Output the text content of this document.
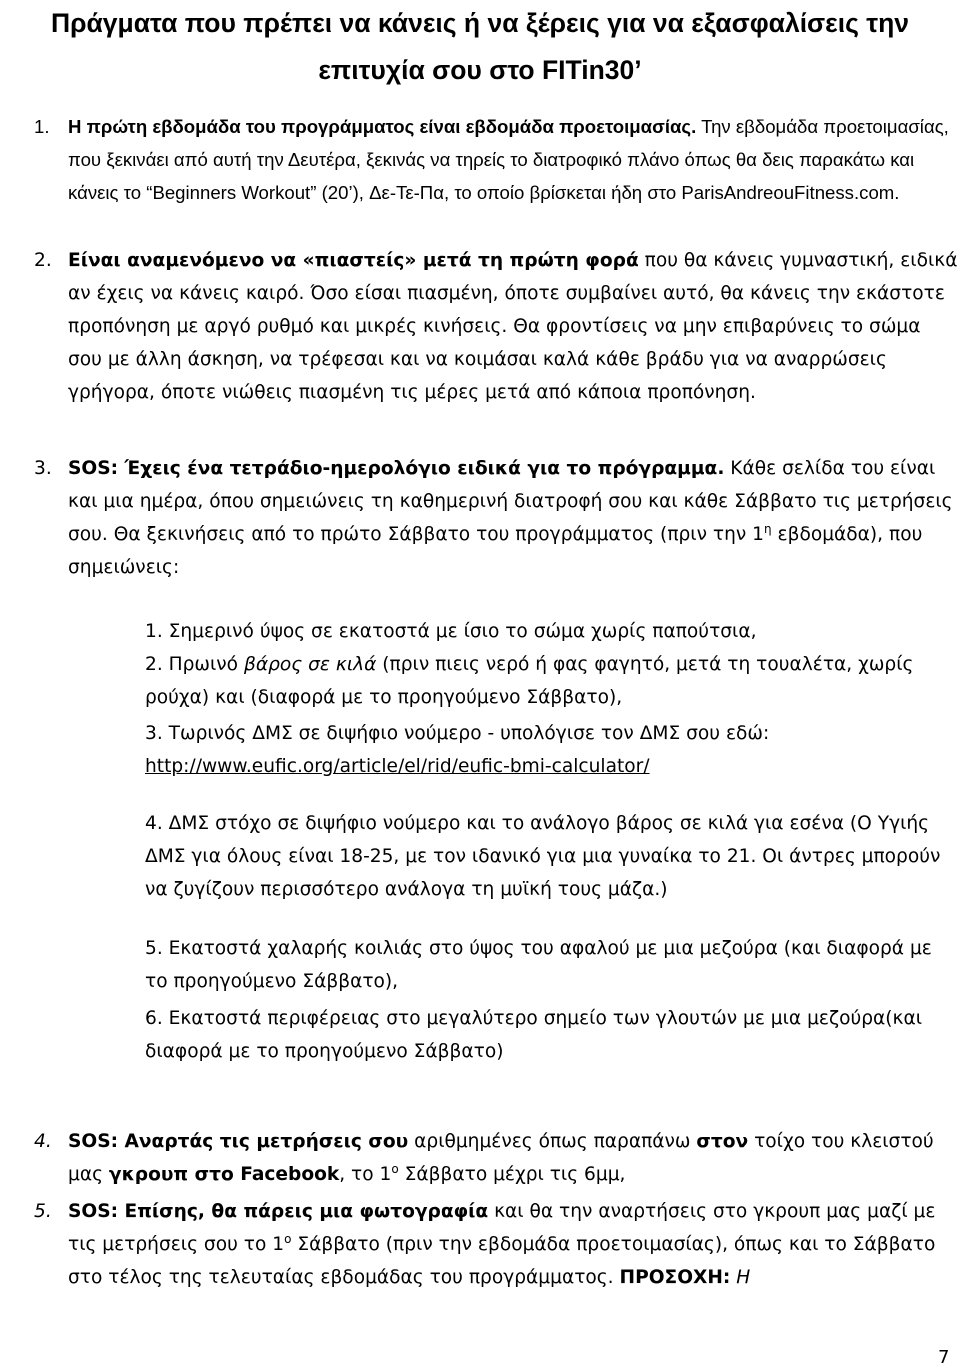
Πράγματα που πρέπει να κάνεις ή να ξέρεις για να εξασφαλίσεις την
επιτυχία σου στο FITin30’
1. Η πρώτη εβδομάδα του προγράμματος είναι εβδομάδα προετοιμασίας. Την εβδομάδα προετοιμασίας, που ξεκινάει από αυτή την Δευτέρα, ξεκινάς να τηρείς το διατροφικό πλάνο όπως θα δεις παρακάτω και κάνεις το “Beginners Workout” (20’), Δε-Τε-Πα, το οποίο βρίσκεται ήδη στο ParisAndreouFitness.com.

2. Είναι αναμενόμενο να «πιαστείς» μετά τη πρώτη φορά που θα κάνεις γυμναστική, ειδικά αν έχεις να κάνεις καιρό. Όσο είσαι πιασμένη, όποτε συμβαίνει αυτό, θα κάνεις την εκάστοτε προπόνηση με αργό ρυθμό και μικρές κινήσεις. Θα φροντίσεις να μην επιβαρύνεις το σώμα σου με άλλη άσκηση, να τρέφεσαι και να κοιμάσαι καλά κάθε βράδυ για να αναρρώσεις γρήγορα, όποτε νιώθεις πιασμένη τις μέρες μετά από κάποια προπόνηση.

3. SOS: Έχεις ένα τετράδιο-ημερολόγιο ειδικά για το πρόγραμμα. Κάθε σελίδα του είναι και μια ημέρα, όπου σημειώνεις τη καθημερινή διατροφή σου και κάθε Σάββατο τις μετρήσεις σου. Θα ξεκινήσεις από το πρώτο Σάββατο του προγράμματος (πριν την $1^\eta$ εβδομάδα), που σημειώνεις:

1. Σημερινό ύψος σε εκατοστά με ίσιο το σώμα χωρίς παπούτσια,

2. Πρωινό βάρος σε κιλά (πριν πιεις νερό ή φας φαγητό, μετά τη τουαλέτα, χωρίς ρούχα) και (διαφορά με το προηγούμενο Σάββατο),

3. Τωρινός ΔΜΣ σε διψήφιο νούμερο - υπολόγισε τον ΔΜΣ σου εδώ:
http://www.eufic.org/article/el/rid/eufic-bmi-calculator/

4. ΔΜΣ στόχο σε διψήφιο νούμερο και το ανάλογο βάρος σε κιλά για εσένα (Ο Υγιής ΔΜΣ για όλους είναι 18-25, με τον ιδανικό για μια γυναίκα το 21. Οι άντρες μπορούν να ζυγίζουν περισσότερο ανάλογα τη μυϊκή τους μάζα.)

5. Εκατοστά χαλαρής κοιλιάς στο ύψος του αφαλού με μια μεζούρα (και διαφορά με το προηγούμενο Σάββατο),

6. Εκατοστά περιφέρειας στο μεγαλύτερο σημείο των γλουτών με μια μεζούρα(και διαφορά με το προηγούμενο Σάββατο)

4. SOS: Αναρτάς τις μετρήσεις σου αριθμημένες όπως παραπάνω στον τοίχο του κλειστού μας γκρουπ στο Facebook, το $1^o$ Σάββατο μέχρι τις 6μμ,

5. SOS: Επίσης, θα πάρεις μια φωτογραφία και θα την αναρτήσεις στο γκρουπ μας μαζί με τις μετρήσεις σου το $1^o$ Σάββατο (πριν την εβδομάδα προετοιμασίας), όπως και το Σάββατο στο τέλος της τελευταίας εβδομάδας του προγράμματος. ΠΡΟΣΟΧΗ: Η

7
